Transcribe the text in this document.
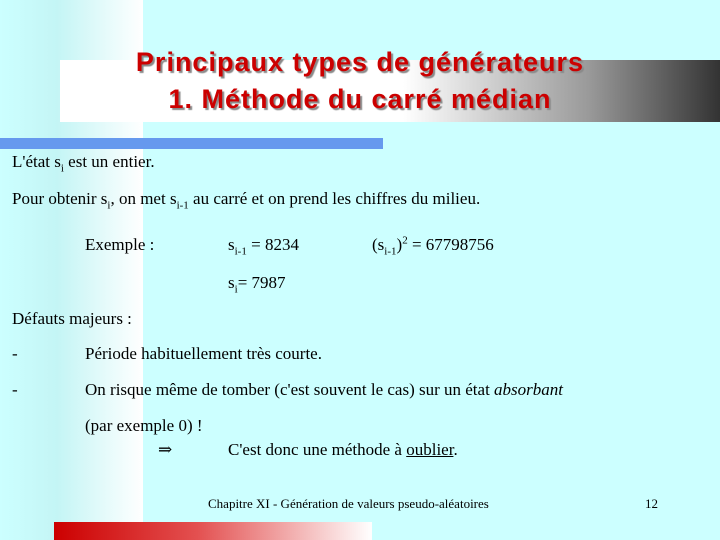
Principaux types de générateurs
1. Méthode du carré médian
L'état $s_i$ est un entier.
Pour obtenir $s_i$, on met $s_{i-1}$ au carré et on prend les chiffres du milieu.
Exemple :	$s_{i-1} = 8234$	$(s_{i-1})^2 = 67798756$
$s_i= 7987$
Défauts majeurs :
-	Période habituellement très courte.
-	On risque même de tomber (c'est souvent le cas) sur un état absorbant
(par exemple 0) !
⇒	C'est donc une méthode à oublier.
Chapitre XI - Génération de valeurs pseudo-aléatoires	12
